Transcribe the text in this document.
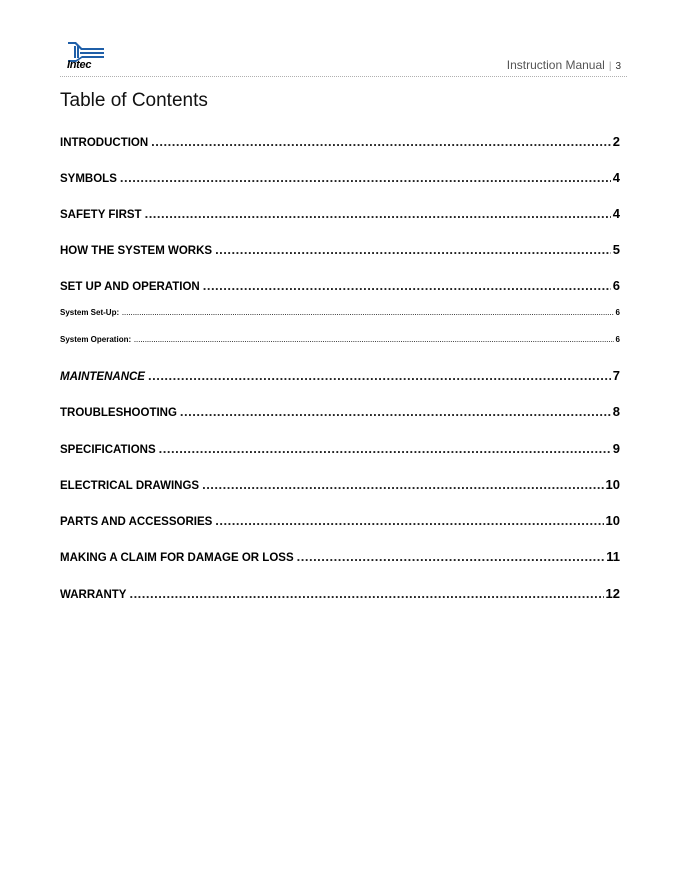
Intec	Instruction Manual | 3
Table of Contents
INTRODUCTION .....	2
SYMBOLS .....	4
SAFETY FIRST .....	4
HOW THE SYSTEM WORKS .....	5
SET UP AND OPERATION .....	6
System Set-Up: .....	6
System Operation: .....	6
MAINTENANCE .....	7
TROUBLESHOOTING .....	8
SPECIFICATIONS .....	9
ELECTRICAL DRAWINGS .....	10
PARTS AND ACCESSORIES .....	10
MAKING A CLAIM FOR DAMAGE OR LOSS .....	11
WARRANTY .....	12
